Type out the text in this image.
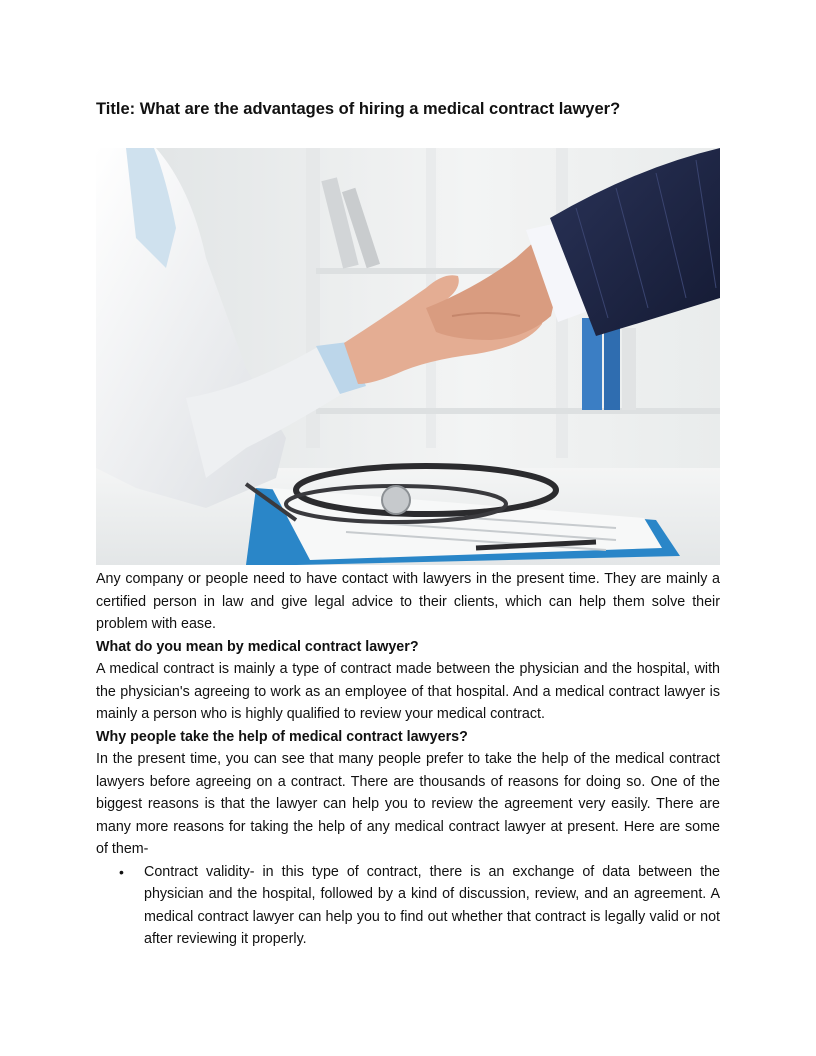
Title: What are the advantages of hiring a medical contract lawyer?

Any company or people need to have contact with lawyers in the present time. They are mainly a certified person in law and give legal advice to their clients, which can help them solve their problem with ease.

What do you mean by medical contract lawyer?

A medical contract is mainly a type of contract made between the physician and the hospital, with the physician's agreeing to work as an employee of that hospital. And a medical contract lawyer is mainly a person who is highly qualified to review your medical contract.

Why people take the help of medical contract lawyers?

In the present time, you can see that many people prefer to take the help of the medical contract lawyers before agreeing on a contract. There are thousands of reasons for doing so. One of the biggest reasons is that the lawyer can help you to review the agreement very easily. There are many more reasons for taking the help of any medical contract lawyer at present. Here are some of them-

• Contract validity- in this type of contract, there is an exchange of data between the physician and the hospital, followed by a kind of discussion, review, and an agreement. A medical contract lawyer can help you to find out whether that contract is legally valid or not after reviewing it properly.
